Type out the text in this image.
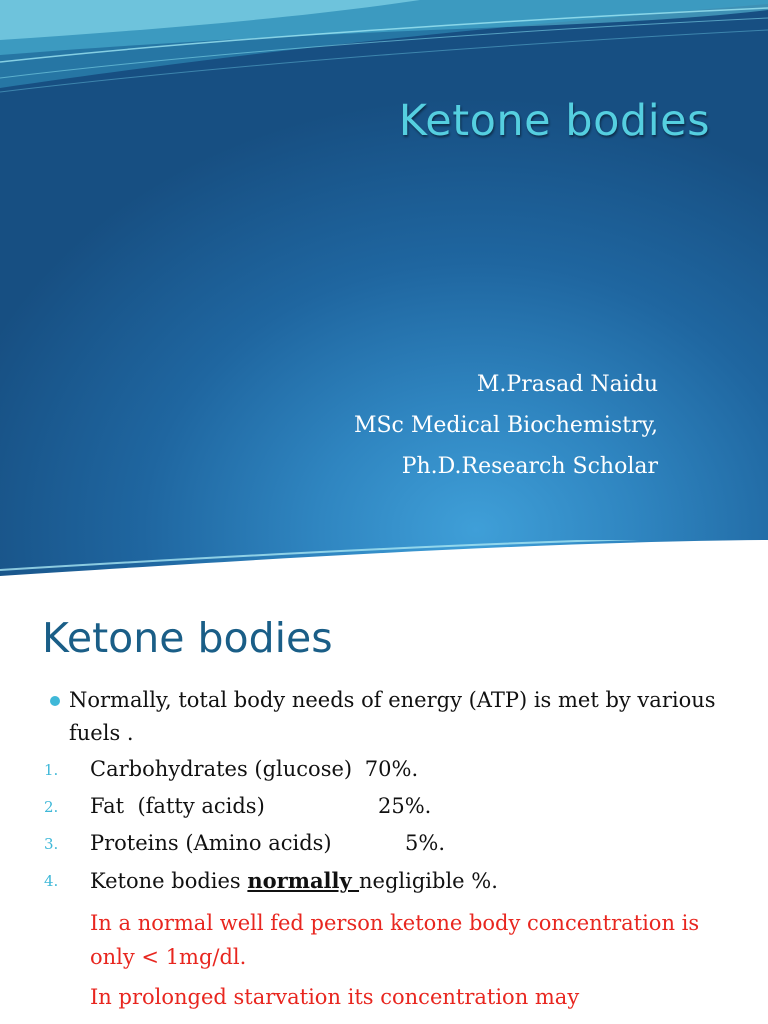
Ketone bodies
M.Prasad Naidu
MSc Medical Biochemistry,
Ph.D.Research Scholar
Ketone bodies
Normally, total body needs of energy (ATP) is met by various fuels .
1. Carbohydrates (glucose) 70%.
2. Fat  (fatty acids)	25%.
3. Proteins (Amino acids)	5%.
4. Ketone bodies normally negligible %.
In a normal well fed person ketone body concentration is only < 1mg/dl.
In prolonged starvation its concentration may
